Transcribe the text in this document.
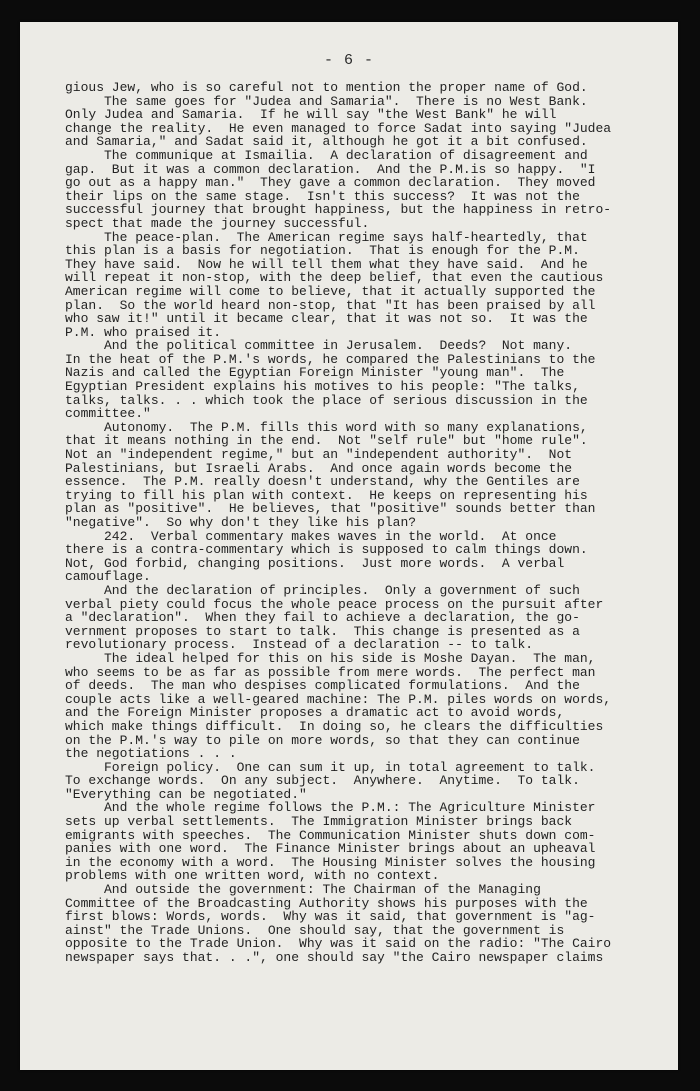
- 6 -
gious Jew, who is so careful not to mention the proper name of God.
The same goes for "Judea and Samaria".  There is no West Bank.
Only Judea and Samaria.  If he will say "the West Bank" he will
change the reality.  He even managed to force Sadat into saying "Judea
and Samaria," and Sadat said it, although he got it a bit confused.
The communique at Ismailia.  A declaration of disagreement and
gap.  But it was a common declaration.  And the P.M.is so happy.  "I
go out as a happy man."  They gave a common declaration.  They moved
their lips on the same stage.  Isn't this success?  It was not the
successful journey that brought happiness, but the happiness in retro-
spect that made the journey successful.
The peace-plan.  The American regime says half-heartedly, that
this plan is a basis for negotiation.  That is enough for the P.M.
They have said.  Now he will tell them what they have said.  And he
will repeat it non-stop, with the deep belief, that even the cautious
American regime will come to believe, that it actually supported the
plan.  So the world heard non-stop, that "It has been praised by all
who saw it!" until it became clear, that it was not so.  It was the
P.M. who praised it.
And the political committee in Jerusalem.  Deeds?  Not many.
In the heat of the P.M.'s words, he compared the Palestinians to the
Nazis and called the Egyptian Foreign Minister "young man".  The
Egyptian President explains his motives to his people: "The talks,
talks, talks. . . which took the place of serious discussion in the
committee."
Autonomy.  The P.M. fills this word with so many explanations,
that it means nothing in the end.  Not "self rule" but "home rule".
Not an "independent regime," but an "independent authority".  Not
Palestinians, but Israeli Arabs.  And once again words become the
essence.  The P.M. really doesn't understand, why the Gentiles are
trying to fill his plan with context.  He keeps on representing his
plan as "positive".  He believes, that "positive" sounds better than
"negative".  So why don't they like his plan?
242.  Verbal commentary makes waves in the world.  At once
there is a contra-commentary which is supposed to calm things down.
Not, God forbid, changing positions.  Just more words.  A verbal
camouflage.
And the declaration of principles.  Only a government of such
verbal piety could focus the whole peace process on the pursuit after
a "declaration".  When they fail to achieve a declaration, the go-
vernment proposes to start to talk.  This change is presented as a
revolutionary process.  Instead of a declaration -- to talk.
The ideal helped for this on his side is Moshe Dayan.  The man,
who seems to be as far as possible from mere words.  The perfect man
of deeds.  The man who despises complicated formulations.  And the
couple acts like a well-geared machine: The P.M. piles words on words,
and the Foreign Minister proposes a dramatic act to avoid words,
which make things difficult.  In doing so, he clears the difficulties
on the P.M.'s way to pile on more words, so that they can continue
the negotiations . . .
Foreign policy.  One can sum it up, in total agreement to talk.
To exchange words.  On any subject.  Anywhere.  Anytime.  To talk.
"Everything can be negotiated."
And the whole regime follows the P.M.: The Agriculture Minister
sets up verbal settlements.  The Immigration Minister brings back
emigrants with speeches.  The Communication Minister shuts down com-
panies with one word.  The Finance Minister brings about an upheaval
in the economy with a word.  The Housing Minister solves the housing
problems with one written word, with no context.
And outside the government: The Chairman of the Managing
Committee of the Broadcasting Authority shows his purposes with the
first blows: Words, words.  Why was it said, that government is "ag-
ainst" the Trade Unions.  One should say, that the government is
opposite to the Trade Union.  Why was it said on the radio: "The Cairo
newspaper says that. . .", one should say "the Cairo newspaper claims
